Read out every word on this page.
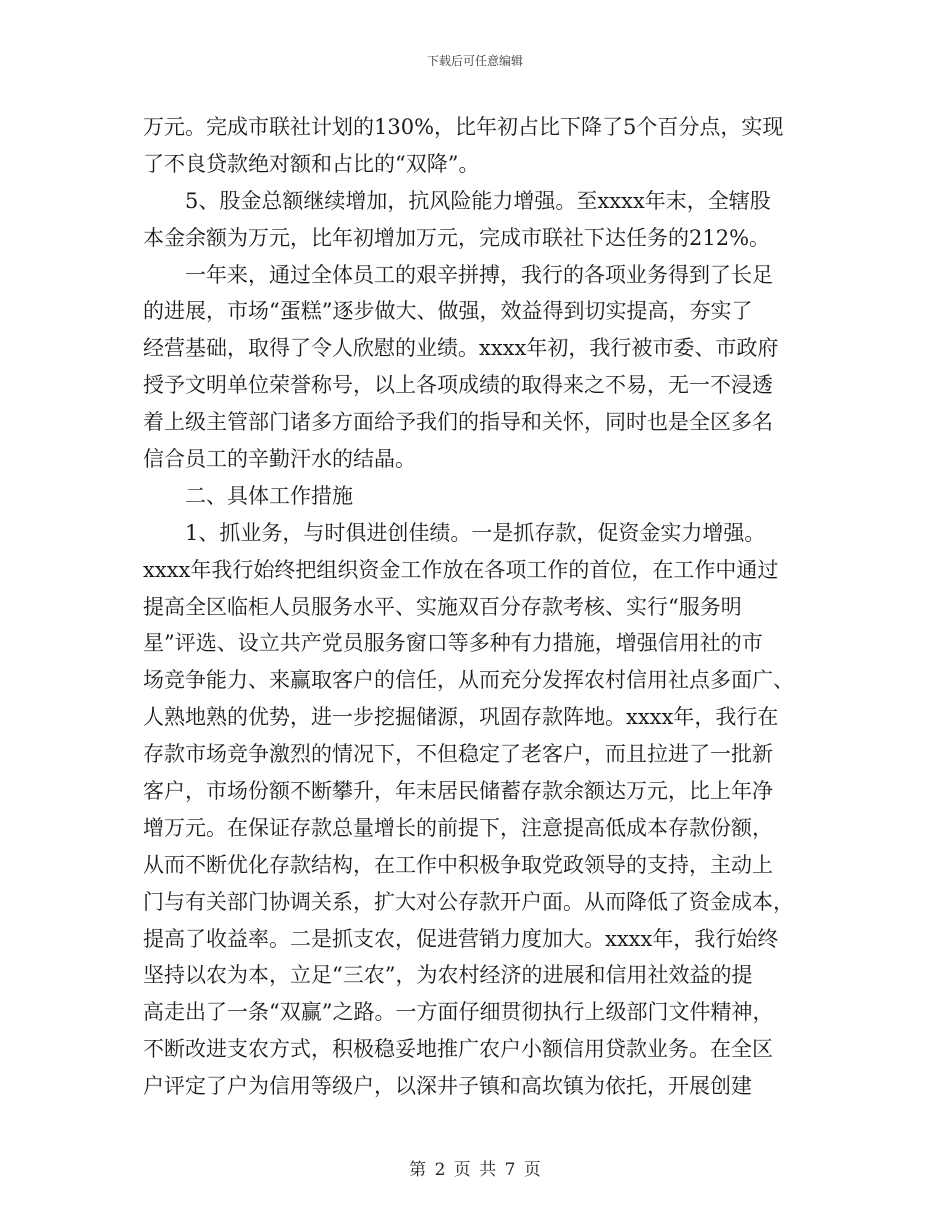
下载后可任意编辑
万元。完成市联社计划的130%，比年初占比下降了5个百分点，实现
了不良贷款绝对额和占比的“双降”。
　　5、股金总额继续增加，抗风险能力增强。至xxxx年末，全辖股
本金余额为万元，比年初增加万元，完成市联社下达任务的212%。
　　一年来，通过全体员工的艰辛拼搏，我行的各项业务得到了长足
的进展，市场“蛋糕”逐步做大、做强，效益得到切实提高，夯实了
经营基础，取得了令人欣慰的业绩。xxxx年初，我行被市委、市政府
授予文明单位荣誉称号，以上各项成绩的取得来之不易，无一不浸透
着上级主管部门诸多方面给予我们的指导和关怀，同时也是全区多名
信合员工的辛勤汗水的结晶。
　　二、具体工作措施
　　1、抓业务，与时俱进创佳绩。一是抓存款，促资金实力增强。
xxxx年我行始终把组织资金工作放在各项工作的首位，在工作中通过
提高全区临柜人员服务水平、实施双百分存款考核、实行“服务明
星”评选、设立共产党员服务窗口等多种有力措施，增强信用社的市
场竞争能力、来赢取客户的信任，从而充分发挥农村信用社点多面广、
人熟地熟的优势，进一步挖掘储源，巩固存款阵地。xxxx年，我行在
存款市场竞争激烈的情况下，不但稳定了老客户，而且拉进了一批新
客户，市场份额不断攀升，年末居民储蓄存款余额达万元，比上年净
增万元。在保证存款总量增长的前提下，注意提高低成本存款份额，
从而不断优化存款结构，在工作中积极争取党政领导的支持，主动上
门与有关部门协调关系，扩大对公存款开户面。从而降低了资金成本，
提高了收益率。二是抓支农，促进营销力度加大。xxxx年，我行始终
坚持以农为本，立足“三农”，为农村经济的进展和信用社效益的提
高走出了一条“双赢”之路。一方面仔细贯彻执行上级部门文件精神，
不断改进支农方式，积极稳妥地推广农户小额信用贷款业务。在全区
户评定了户为信用等级户，以深井子镇和高坎镇为依托，开展创建
第 2 页 共 7 页
